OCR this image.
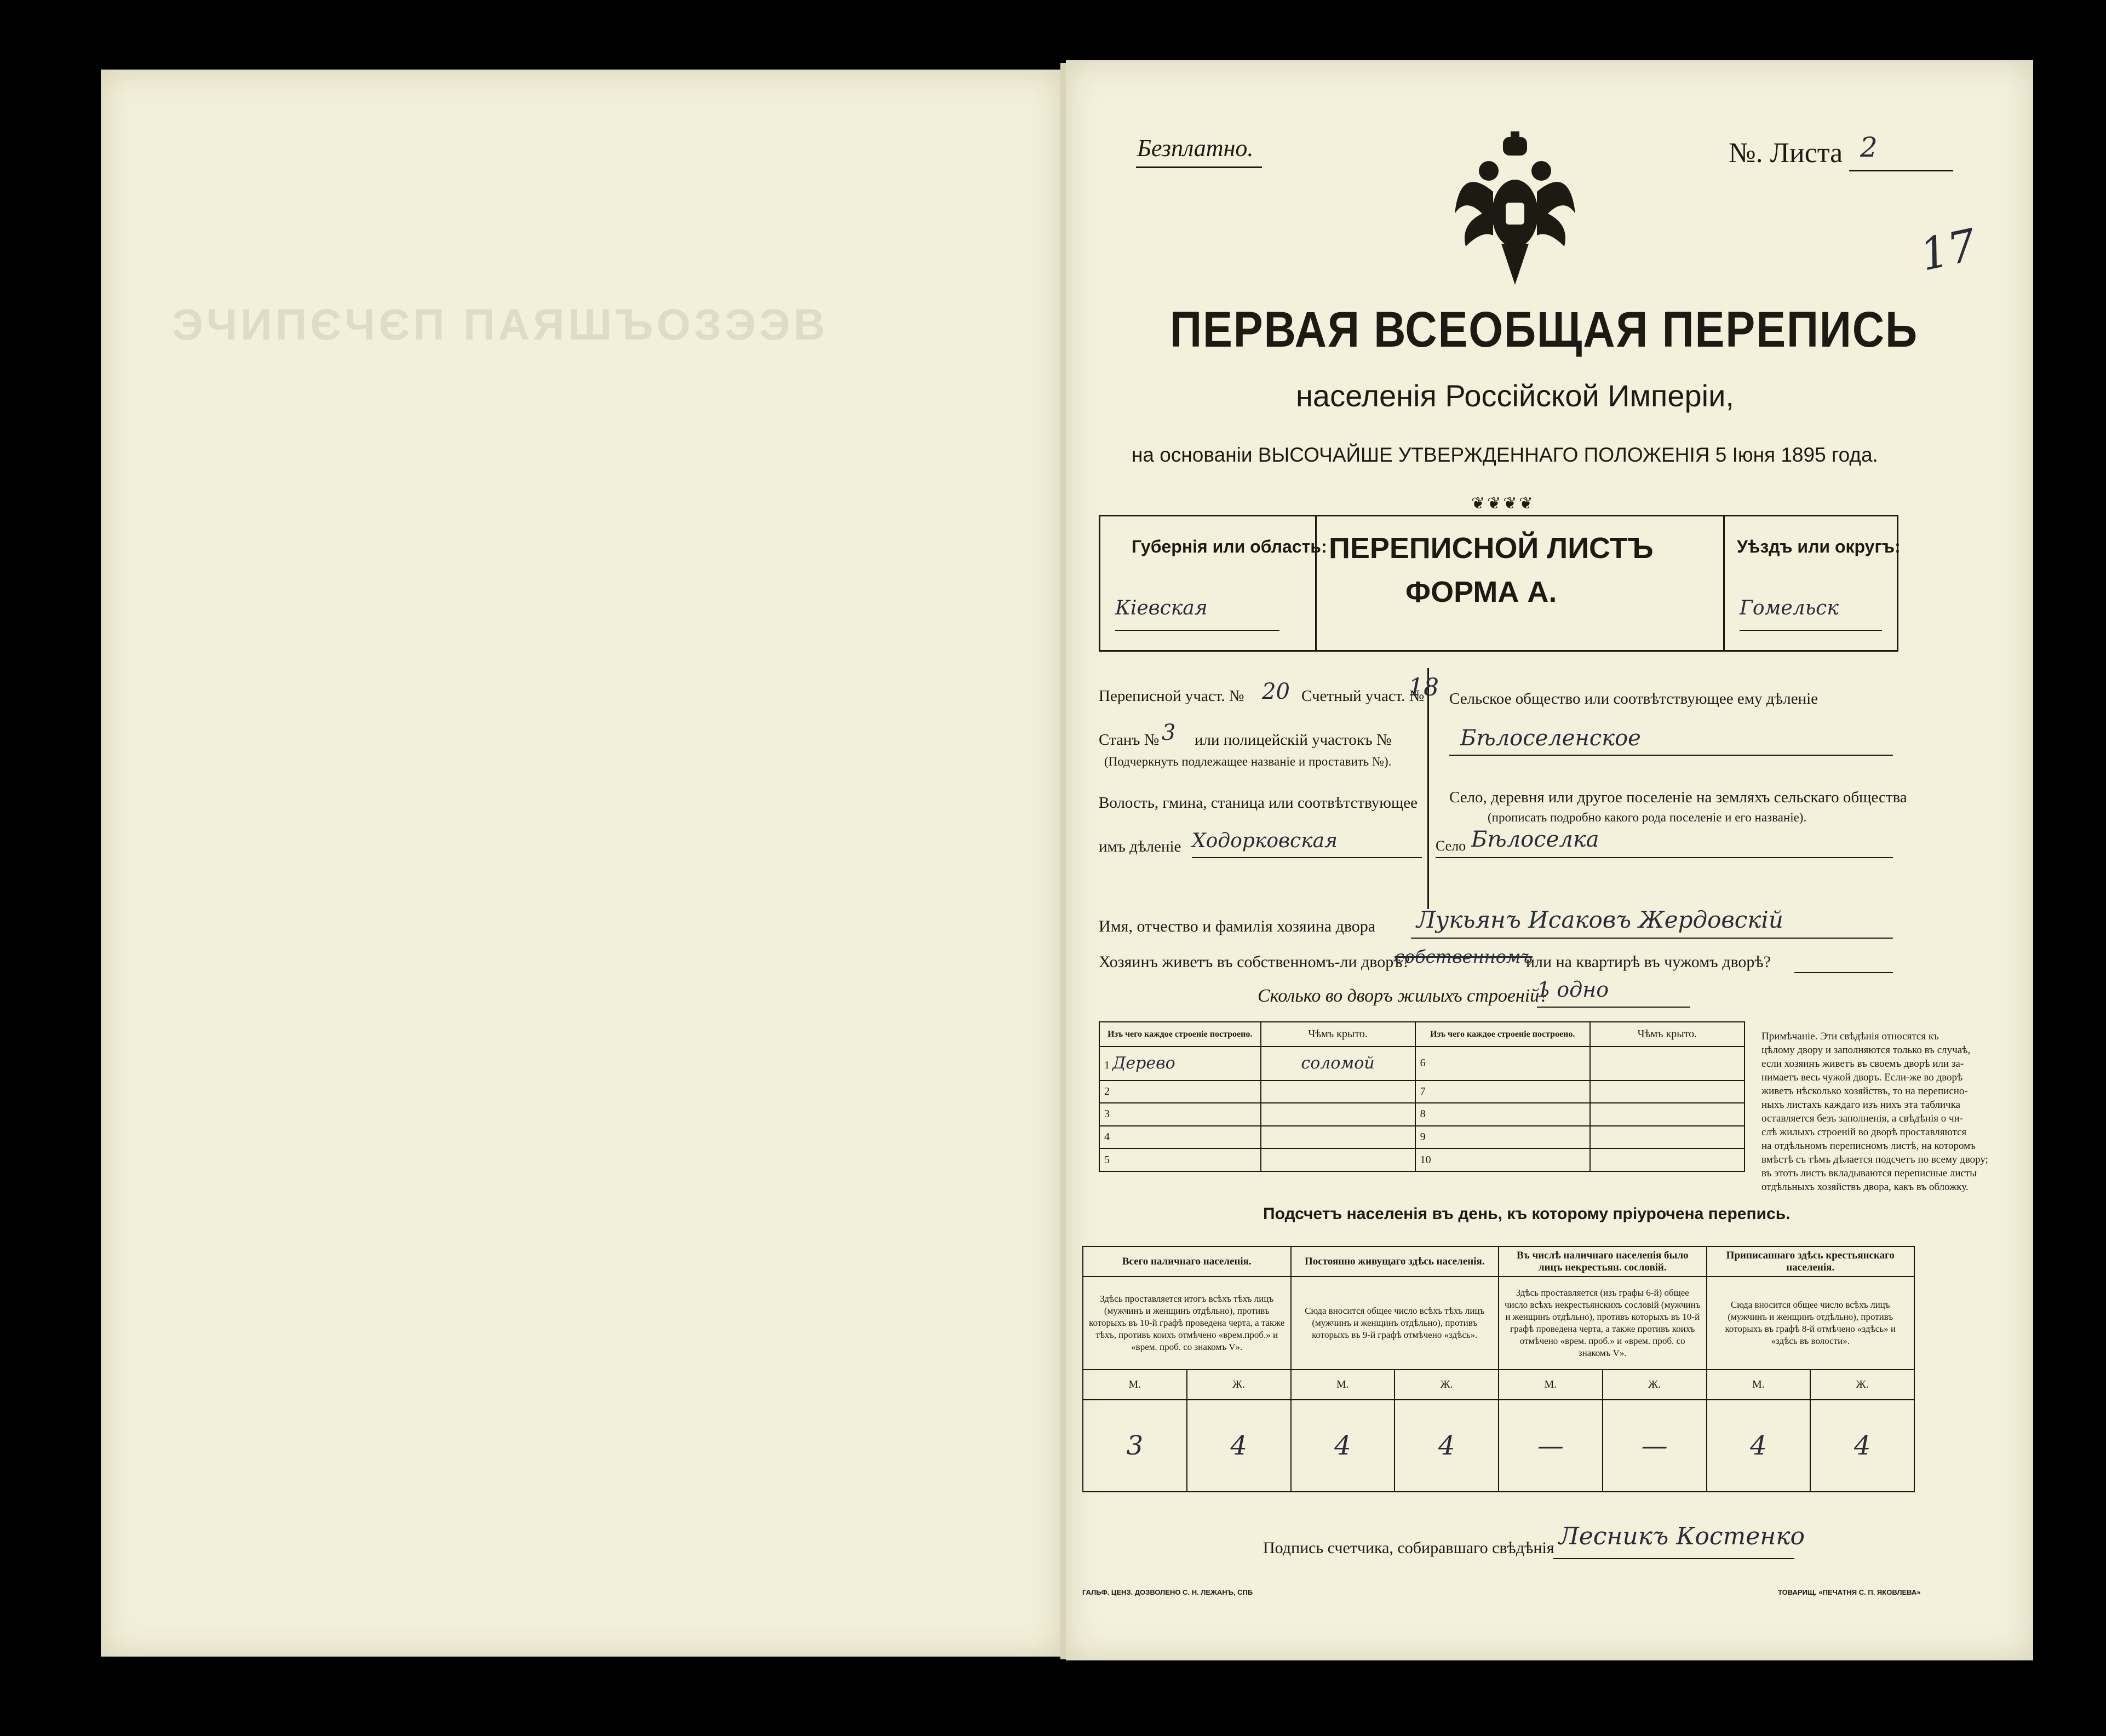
ЭЧИПЄЧЄП ПАЯШЪОЗЭЭВ
Безплатно.	№. Листа 2
17
ПЕРВАЯ ВСЕОБЩАЯ ПЕРЕПИСЬ
населенія Россійской Имперіи,
на основаніи ВЫСОЧАЙШЕ УТВЕРЖДЕННАГО ПОЛОЖЕНІЯ 5 Іюня 1895 года.
❦❦❦❦
Губернія или область:
Кіевская
ПЕРЕПИСНОЙ ЛИСТЪ
ФОРМА А.
Уѣздъ или округъ:
Гомельск
Переписной участ. № 20 Счетный участ. №
18
Станъ № 3 или полицейскій участокъ №
(Подчеркнуть подлежащее названіе и проставить №).
Волость, гмина, станица или соотвѣтствующее
имъ дѣленіе Ходорковская
Сельское общество или соотвѣтствующее ему дѣленіе
Бѣлоселенское
Село, деревня или другое поселеніе на земляхъ сельскаго общества
(прописать подробно какого рода поселеніе и его названіе).
Село Бѣлоселка
Имя, отчество и фамилія хозяина двора Лукьянъ Исаковъ Жердовскій
Хозяинъ живетъ въ собственномъ-ли дворѣ?
собственномъ
или на квартирѣ въ чужомъ дворѣ?
Сколько во дворъ жилыхъ строеній?
1 одно
Изъ чего каждое строеніе построено.	Чѣмъ крыто.	Изъ чего каждое строеніе построено.	Чѣмъ крыто.
1 Дерево	соломой	6	
2		7	
3		8	
4		9	
5		10	
Примѣчаніе. Эти свѣдѣнія относятся къ
цѣлому двору и заполняются только въ случаѣ,
если хозяинъ живетъ въ своемъ дворѣ или за-
нимаетъ весь чужой дворъ. Если-же во дворѣ
живетъ нѣсколько хозяйствъ, то на переписно-
ныхъ листахъ каждаго изъ нихъ эта табличка
оставляется безъ заполненія, а свѣдѣнія о чи-
слѣ жилыхъ строеній во дворѣ проставляются
на отдѣльномъ переписномъ листѣ, на которомъ
вмѣстѣ съ тѣмъ дѣлается подсчетъ по всему двору;
въ этотъ листъ вкладываются переписные листы
отдѣльныхъ хозяйствъ двора, какъ въ обложку.
Подсчетъ населенія въ день, къ которому пріурочена перепись.
Всего наличнаго населенія.		Постоянно живущаго здѣсь населенія.		Въ числѣ наличнаго населенія было лицъ некрестьян. сословій.		Приписаннаго здѣсь крестьянскаго населенія.	
Здѣсь проставляется итогъ всѣхъ тѣхъ лицъ (мужчинъ и женщинъ отдѣльно), противъ которыхъ въ 10-й графѣ проведена черта, а также тѣхъ, противъ коихъ отмѣчено «врем.проб.» и «врем. проб. со знакомъ V».		Сюда вносится общее число всѣхъ тѣхъ лицъ (мужчинъ и женщинъ отдѣльно), противъ которыхъ въ 9-й графѣ отмѣчено «здѣсь».		Здѣсь проставляется (изъ графы 6-й) общее число всѣхъ некрестьянскихъ сословій (мужчинъ и женщинъ отдѣльно), противъ которыхъ въ 10-й графѣ проведена черта, а также противъ коихъ отмѣчено «врем. проб.» и «врем. проб. со знакомъ V».		Сюда вносится общее число всѣхъ лицъ (мужчинъ и женщинъ отдѣльно), противъ которыхъ въ графѣ 8-й отмѣчено «здѣсь» и «здѣсь въ волости».	
М.	Ж.	М.	Ж.	М.	Ж.	М.	Ж.
3	4	4	4	—	—	4	4
Подпись счетчика, собиравшаго свѣдѣнія Лесникъ Костенко
ГАЛЬФ. ЦЕНЗ. ДОЗВОЛЕНО С. Н. ЛЕЖАНЪ, СПБ	ТОВАРИЩ. «ПЕЧАТНЯ С. П. ЯКОВЛЕВА»
